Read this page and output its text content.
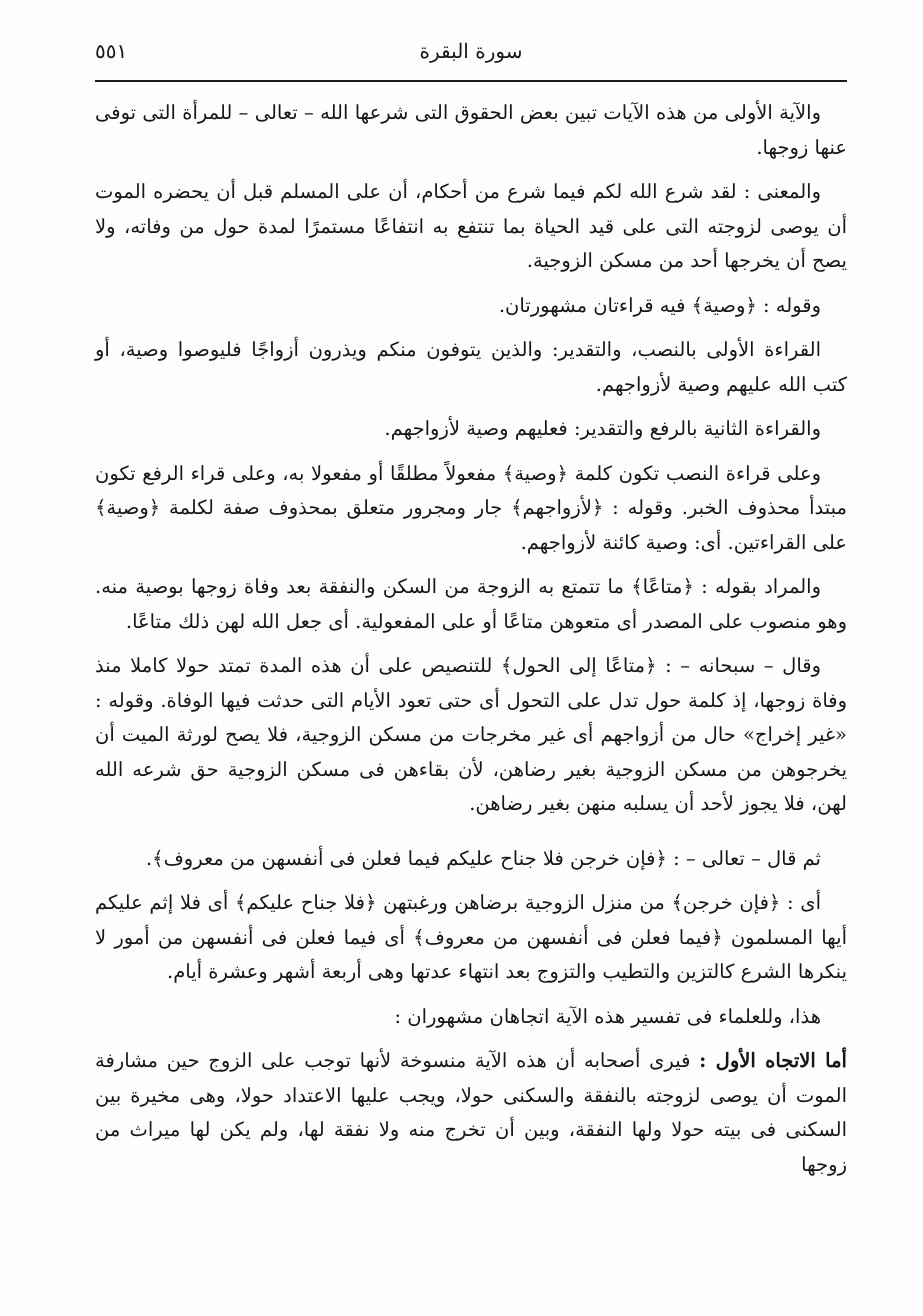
سورة البقرة
٥٥١

والآية الأولى من هذه الآيات تبين بعض الحقوق التى شرعها الله – تعالى – للمرأة التى توفى عنها زوجها.

والمعنى : لقد شرع الله لكم فيما شرع من أحكام، أن على المسلم قبل أن يحضره الموت أن يوصى لزوجته التى على قيد الحياة بما تنتفع به انتفاعًا مستمرًا لمدة حول من وفاته، ولا يصح أن يخرجها أحد من مسكن الزوجية.

وقوله : ﴿وصية﴾ فيه قراءتان مشهورتان.

القراءة الأولى بالنصب، والتقدير: والذين يتوفون منكم ويذرون أزواجًا فليوصوا وصية، أو كتب الله عليهم وصية لأزواجهم.

والقراءة الثانية بالرفع والتقدير: فعليهم وصية لأزواجهم.

وعلى قراءة النصب تكون كلمة ﴿وصية﴾ مفعولاً مطلقًا أو مفعولا به، وعلى قراء الرفع تكون مبتدأ محذوف الخبر. وقوله : ﴿لأزواجهم﴾ جار ومجرور متعلق بمحذوف صفة لكلمة ﴿وصية﴾ على القراءتين. أى: وصية كائنة لأزواجهم.

والمراد بقوله : ﴿متاعًا﴾ ما تتمتع به الزوجة من السكن والنفقة بعد وفاة زوجها بوصية منه. وهو منصوب على المصدر أى متعوهن متاعًا أو على المفعولية. أى جعل الله لهن ذلك متاعًا.

وقال – سبحانه – : ﴿متاعًا إلى الحول﴾ للتنصيص على أن هذه المدة تمتد حولا كاملا منذ وفاة زوجها، إذ كلمة حول تدل على التحول أى حتى تعود الأيام التى حدثت فيها الوفاة. وقوله : «غير إخراج» حال من أزواجهم أى غير مخرجات من مسكن الزوجية، فلا يصح لورثة الميت أن يخرجوهن من مسكن الزوجية بغير رضاهن، لأن بقاءهن فى مسكن الزوجية حق شرعه الله لهن، فلا يجوز لأحد أن يسلبه منهن بغير رضاهن.

ثم قال – تعالى – : ﴿فإن خرجن فلا جناح عليكم فيما فعلن فى أنفسهن من معروف﴾.

أى : ﴿فإن خرجن﴾ من منزل الزوجية برضاهن ورغبتهن ﴿فلا جناح عليكم﴾ أى فلا إثم عليكم أيها المسلمون ﴿فيما فعلن فى أنفسهن من معروف﴾ أى فيما فعلن فى أنفسهن من أمور لا ينكرها الشرع كالتزين والتطيب والتزوج بعد انتهاء عدتها وهى أربعة أشهر وعشرة أيام.

هذا، وللعلماء فى تفسير هذه الآية اتجاهان مشهوران :

أما الاتجاه الأول : فيرى أصحابه أن هذه الآية منسوخة لأنها توجب على الزوج حين مشارفة الموت أن يوصى لزوجته بالنفقة والسكنى حولا، ويجب عليها الاعتداد حولا، وهى مخيرة بين السكنى فى بيته حولا ولها النفقة، وبين أن تخرج منه ولا نفقة لها، ولم يكن لها ميراث من زوجها
